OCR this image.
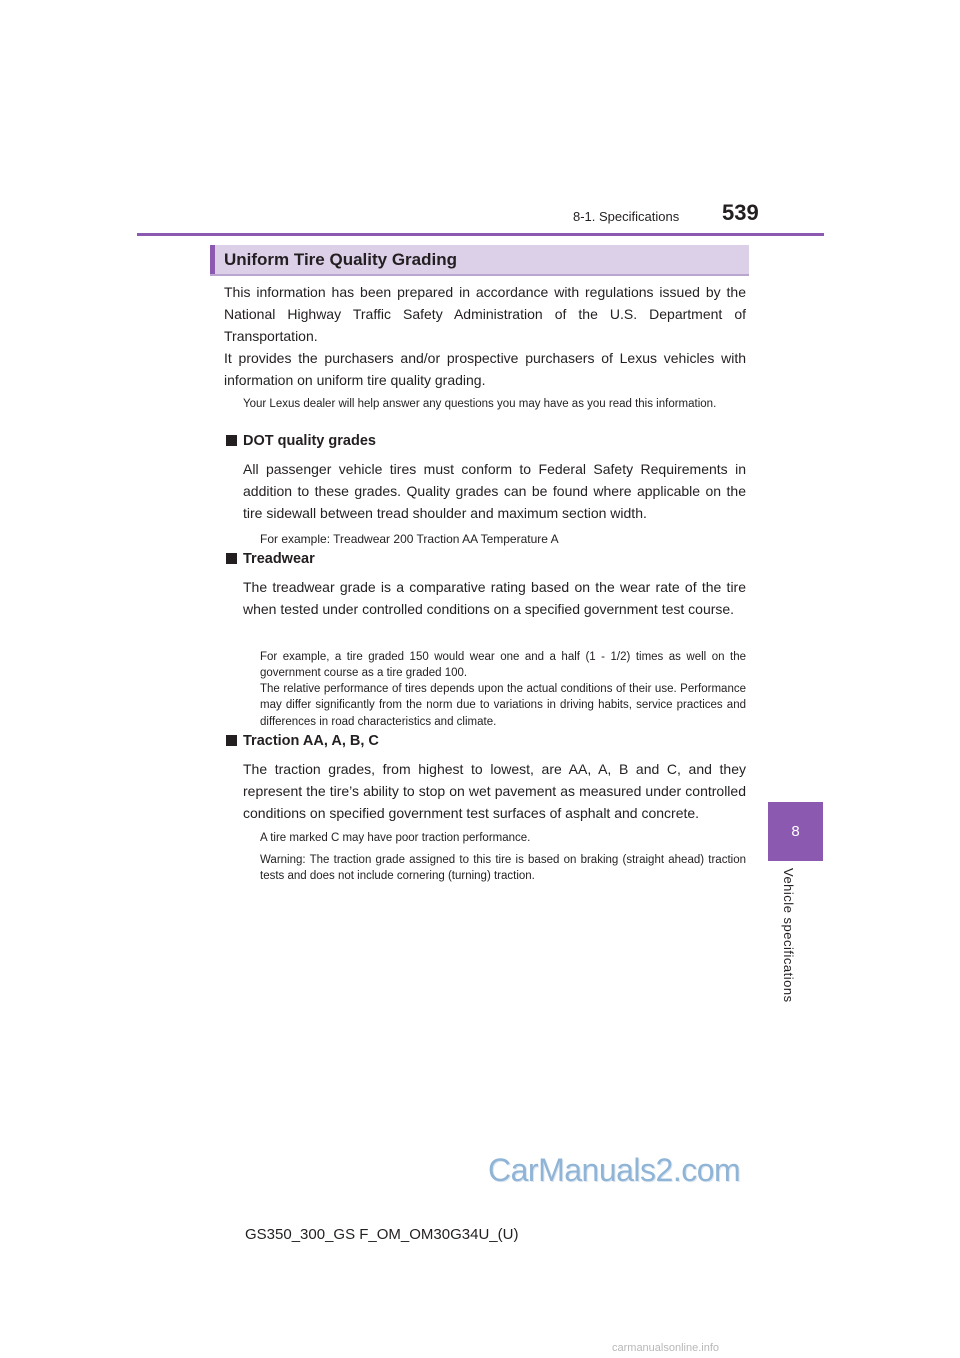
8-1. Specifications 539
8
Vehicle specifications
Uniform Tire Quality Grading

This information has been prepared in accordance with regulations issued by the National Highway Traffic Safety Administration of the U.S. Department of Transportation.

It provides the purchasers and/or prospective purchasers of Lexus vehicles with information on uniform tire quality grading.

Your Lexus dealer will help answer any questions you may have as you read this information.

DOT quality grades

All passenger vehicle tires must conform to Federal Safety Requirements in addition to these grades. Quality grades can be found where applicable on the tire sidewall between tread shoulder and maximum section width.

For example: Treadwear 200 Traction AA Temperature A

Treadwear

The treadwear grade is a comparative rating based on the wear rate of the tire when tested under controlled conditions on a specified government test course.

For example, a tire graded 150 would wear one and a half (1 - 1/2) times as well on the government course as a tire graded 100.

The relative performance of tires depends upon the actual conditions of their use. Performance may differ significantly from the norm due to variations in driving habits, service practices and differences in road characteristics and climate.

Traction AA, A, B, C

The traction grades, from highest to lowest, are AA, A, B and C, and they represent the tire’s ability to stop on wet pavement as measured under controlled conditions on specified government test surfaces of asphalt and concrete.

A tire marked C may have poor traction performance.

Warning: The traction grade assigned to this tire is based on braking (straight ahead) traction tests and does not include cornering (turning) traction.

CarManuals2.com
GS350_300_GS F_OM_OM30G34U_(U)
carmanualsonline.info
